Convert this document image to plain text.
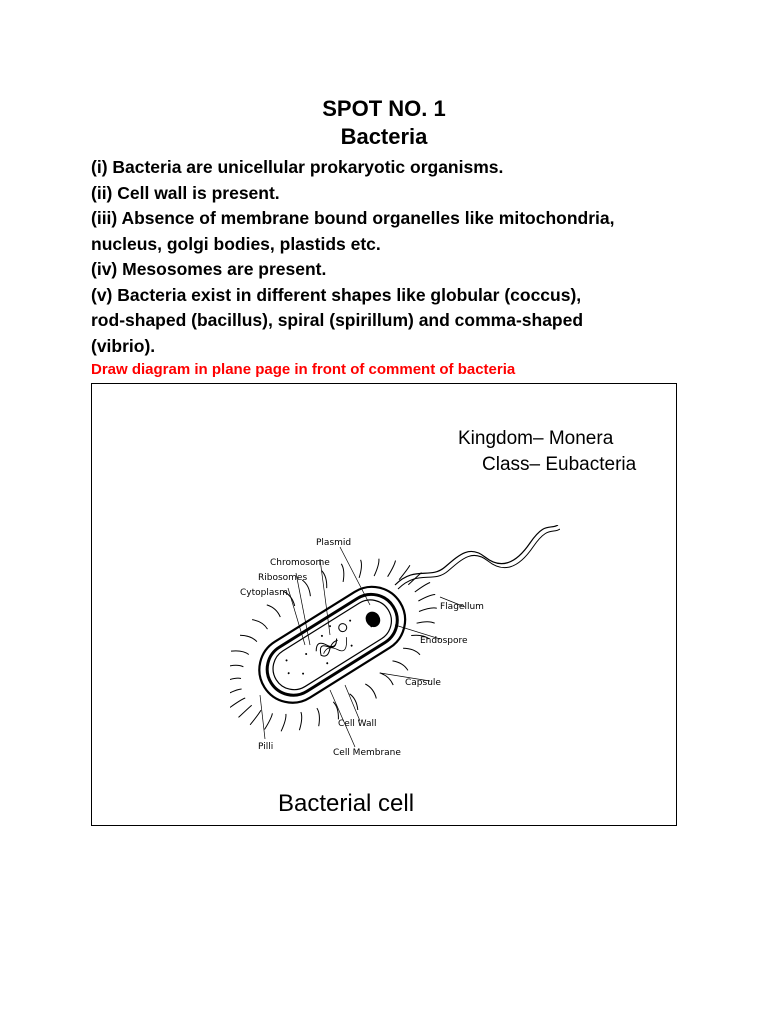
SPOT NO. 1
Bacteria
(i) Bacteria are unicellular prokaryotic organisms.
(ii) Cell wall is present.
(iii) Absence of membrane bound organelles like mitochondria,
nucleus, golgi bodies, plastids etc.
(iv) Mesosomes are present.
(v) Bacteria exist in different shapes like globular (coccus),
rod-shaped (bacillus), spiral (spirillum) and comma-shaped
(vibrio).
Draw diagram in plane page in front of comment of bacteria
Kingdom– Monera
Class– Eubacteria
Plasmid
Chromosome
Ribosomes
Cytoplasm
Flagellum
Endospore
Capsule
Cell Wall
Cell Membrane
Pilli
Bacterial cell
